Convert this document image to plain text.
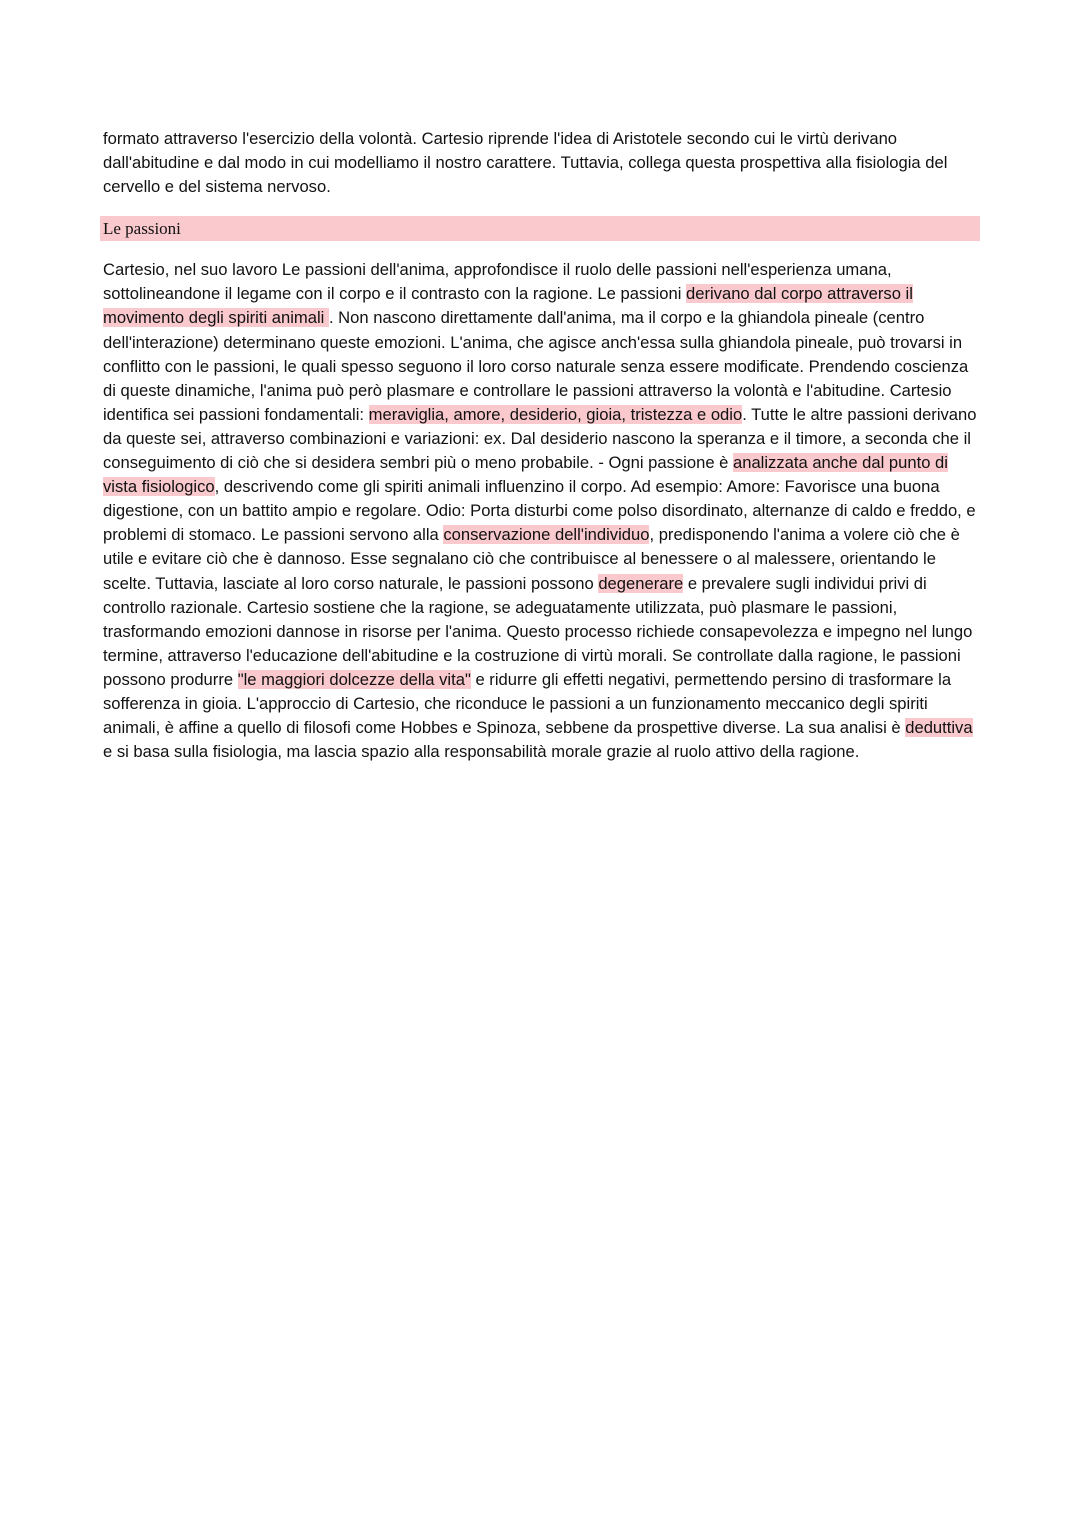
formato attraverso l'esercizio della volontà. Cartesio riprende l'idea di Aristotele secondo cui le virtù derivano dall'abitudine e dal modo in cui modelliamo il nostro carattere. Tuttavia, collega questa prospettiva alla fisiologia del cervello e del sistema nervoso.

Le passioni

Cartesio, nel suo lavoro Le passioni dell'anima, approfondisce il ruolo delle passioni nell'esperienza umana, sottolineandone il legame con il corpo e il contrasto con la ragione. Le passioni derivano dal corpo attraverso il movimento degli spiriti animali . Non nascono direttamente dall'anima, ma il corpo e la ghiandola pineale (centro dell'interazione) determinano queste emozioni. L'anima, che agisce anch'essa sulla ghiandola pineale, può trovarsi in conflitto con le passioni, le quali spesso seguono il loro corso naturale senza essere modificate. Prendendo coscienza di queste dinamiche, l'anima può però plasmare e controllare le passioni attraverso la volontà e l'abitudine. Cartesio identifica sei passioni fondamentali: meraviglia, amore, desiderio, gioia, tristezza e odio. Tutte le altre passioni derivano da queste sei, attraverso combinazioni e variazioni: ex. Dal desiderio nascono la speranza e il timore, a seconda che il conseguimento di ciò che si desidera sembri più o meno probabile. - Ogni passione è analizzata anche dal punto di vista fisiologico, descrivendo come gli spiriti animali influenzino il corpo. Ad esempio: Amore: Favorisce una buona digestione, con un battito ampio e regolare. Odio: Porta disturbi come polso disordinato, alternanze di caldo e freddo, e problemi di stomaco. Le passioni servono alla conservazione dell'individuo, predisponendo l'anima a volere ciò che è utile e evitare ciò che è dannoso. Esse segnalano ciò che contribuisce al benessere o al malessere, orientando le scelte. Tuttavia, lasciate al loro corso naturale, le passioni possono degenerare e prevalere sugli individui privi di controllo razionale. Cartesio sostiene che la ragione, se adeguatamente utilizzata, può plasmare le passioni, trasformando emozioni dannose in risorse per l'anima. Questo processo richiede consapevolezza e impegno nel lungo termine, attraverso l'educazione dell'abitudine e la costruzione di virtù morali. Se controllate dalla ragione, le passioni possono produrre "le maggiori dolcezze della vita" e ridurre gli effetti negativi, permettendo persino di trasformare la sofferenza in gioia. L'approccio di Cartesio, che riconduce le passioni a un funzionamento meccanico degli spiriti animali, è affine a quello di filosofi come Hobbes e Spinoza, sebbene da prospettive diverse. La sua analisi è deduttiva e si basa sulla fisiologia, ma lascia spazio alla responsabilità morale grazie al ruolo attivo della ragione.
